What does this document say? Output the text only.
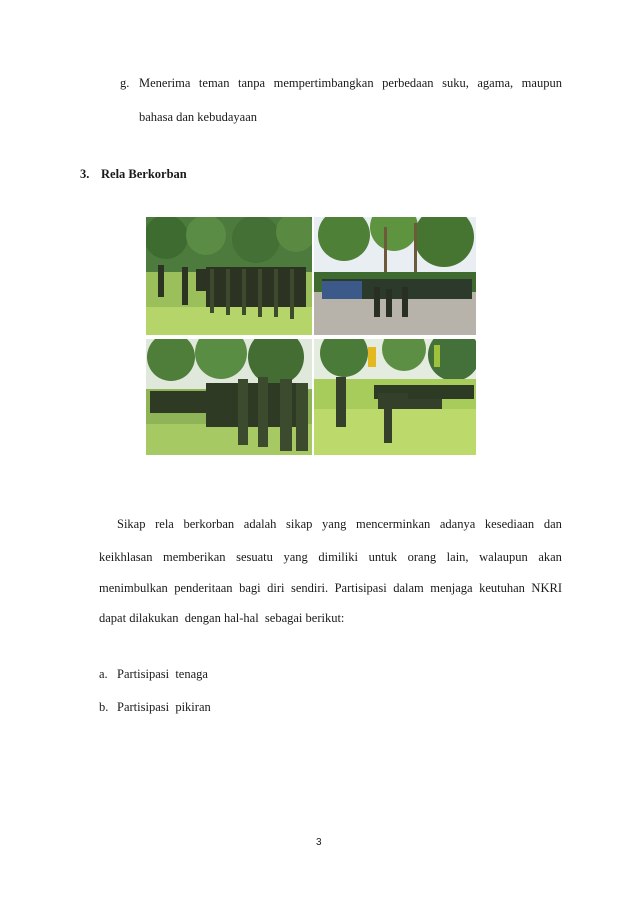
g. Menerima teman tanpa mempertimbangkan perbedaan suku, agama, maupun
bahasa dan kebudayaan
3. Rela Berkorban
Sikap rela berkorban adalah sikap yang mencerminkan adanya kesediaan dan
keikhlasan memberikan sesuatu yang dimiliki untuk orang lain, walaupun akan
menimbulkan penderitaan bagi diri sendiri. Partisipasi dalam menjaga keutuhan NKRI
dapat dilakukan  dengan hal-hal  sebagai berikut:
a. Partisipasi  tenaga
b. Partisipasi  pikiran
3
